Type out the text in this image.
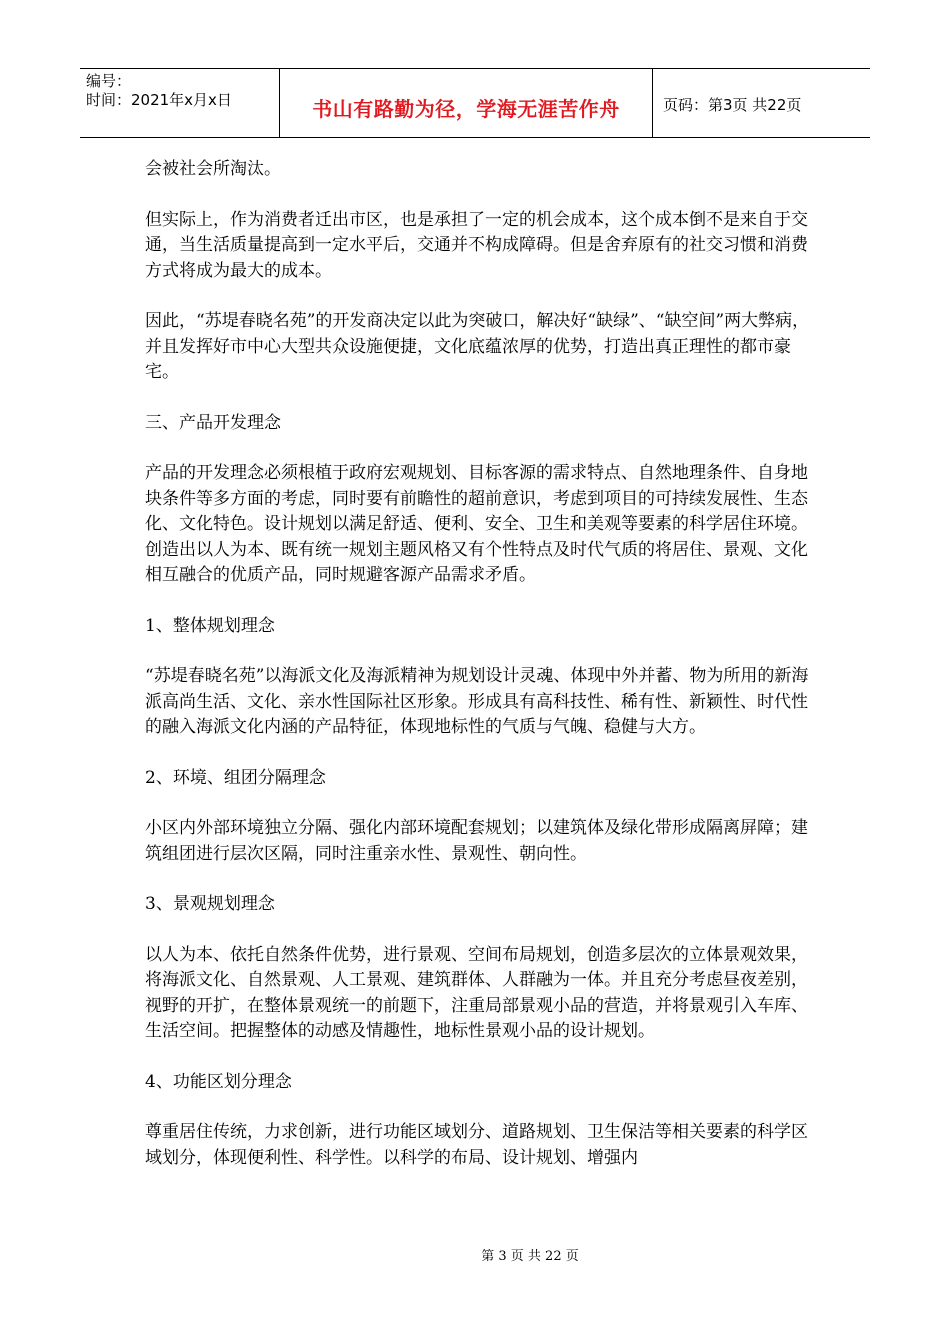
编号：
时间：2021年x月x日	书山有路勤为径，学海无涯苦作舟	页码：第3页 共22页

会被社会所淘汰。

但实际上，作为消费者迁出市区，也是承担了一定的机会成本，这个成本倒不是来自于交通，当生活质量提高到一定水平后，交通并不构成障碍。但是舍弃原有的社交习惯和消费方式将成为最大的成本。

因此，“苏堤春晓名苑”的开发商决定以此为突破口，解决好“缺绿”、“缺空间”两大弊病，并且发挥好市中心大型共众设施便捷，文化底蕴浓厚的优势，打造出真正理性的都市豪宅。

三、产品开发理念

产品的开发理念必须根植于政府宏观规划、目标客源的需求特点、自然地理条件、自身地块条件等多方面的考虑，同时要有前瞻性的超前意识，考虑到项目的可持续发展性、生态化、文化特色。设计规划以满足舒适、便利、安全、卫生和美观等要素的科学居住环境。创造出以人为本、既有统一规划主题风格又有个性特点及时代气质的将居住、景观、文化相互融合的优质产品，同时规避客源产品需求矛盾。

1、整体规划理念

“苏堤春晓名苑”以海派文化及海派精神为规划设计灵魂、体现中外并蓄、物为所用的新海派高尚生活、文化、亲水性国际社区形象。形成具有高科技性、稀有性、新颖性、时代性的融入海派文化内涵的产品特征，体现地标性的气质与气魄、稳健与大方。

2、环境、组团分隔理念

小区内外部环境独立分隔、强化内部环境配套规划；以建筑体及绿化带形成隔离屏障；建筑组团进行层次区隔，同时注重亲水性、景观性、朝向性。

3、景观规划理念

以人为本、依托自然条件优势，进行景观、空间布局规划，创造多层次的立体景观效果，将海派文化、自然景观、人工景观、建筑群体、人群融为一体。并且充分考虑昼夜差别，视野的开扩，在整体景观统一的前题下，注重局部景观小品的营造，并将景观引入车库、生活空间。把握整体的动感及情趣性，地标性景观小品的设计规划。

4、功能区划分理念

尊重居住传统，力求创新，进行功能区域划分、道路规划、卫生保洁等相关要素的科学区域划分，体现便利性、科学性。以科学的布局、设计规划、增强内

第 3 页 共 22 页
